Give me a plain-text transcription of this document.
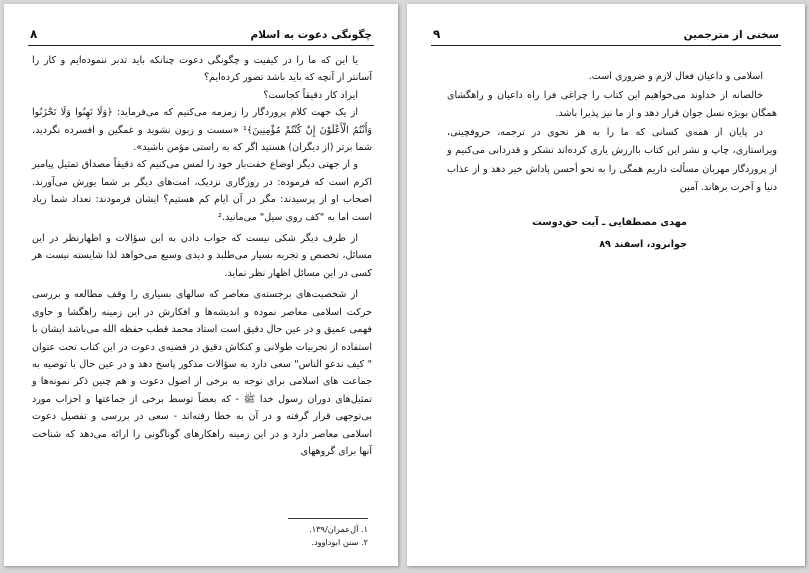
چگونگی دعوت به اسلام
۸

یا این که ما را در کیفیت و چگونگی دعوت چنانکه باید تدبر ننموده‌ایم و کار را آسانتر از آنچه که باید باشد تصور کرده‌ایم؟

ایراد کار دقیقاً کجاست؟

از یک جهت کلام پروردگار را زمزمه می‌کنیم که می‌فرماید: ﴿وَلَا تَهِنُوا وَلَا تَحْزَنُوا وَأَنْتُمُ الْأَعْلَوْنَ إِنْ كُنْتُمْ مُؤْمِنِينَ﴾¹ «سست و زبون نشوید و غمگین و افسرده نگردید، شما برتر (از دیگران) هستید اگر که به راستی مؤمن باشید».

و از جهتی دیگر اوضاع خفت‌بار خود را لمس می‌کنیم که دقیقاً مصداق تمثیل پیامبر اکرم است که فرموده: در روزگاری نزدیک، امت‌های دیگر بر شما یورش می‌آورند. اصحاب او از پرسیدند: مگر در آن ایام کم هستیم؟ ایشان فرمودند: تعداد شما زیاد است اما به "کف روی سیل" می‌مانید.²

از طرف دیگر شکی نیست که جواب دادن به این سؤالات و اظهارنظر در این مسائل، تخصص و تجربه بسیار می‌طلبد و دیدی وسیع می‌خواهد لذا شایسته نیست هر کسی در این مسائل اظهار نظر نماید.

از شخصیت‌های برجسته‌ی معاصر که سالهای بسیاری را وقف مطالعه و بررسی حرکت اسلامی معاصر نموده و اندیشه‌ها و افکارش در این زمینه راهگشا و حاوی فهمی عمیق و در عین حال دقیق است استاد محمد قطب حفظه الله می‌باشد ایشان با استفاده از تجربیات طولانی و کنکاش دقیق در قضیه‌ی دعوت در این کتاب تحت عنوان " کیف ندعو الناس" سعی دارد به سؤالات مذکور پاسخ دهد و در عین حال با توصیه به جماعت های اسلامی برای توجه به برخی از اصول دعوت و هم چنین ذکر نمونه‌ها و تمثیل‌های دوران رسول خدا ﷺ - که بعضاً توسط برخی از جماعتها و احزاب مورد بی‌توجهی قرار گرفته و در آن به خطا رفته‌اند - سعی در بررسی و تفصیل دعوت اسلامی معاصر دارد و در این زمینه راهکارهای گوناگونی را ارائه می‌دهد که شناخت آنها برای گروههای

۱. آل‌عمران/۱۳۹.
۲. سنن ابوداوود.
سخنی از مترجمین
۹

اسلامی و داعیان فعال لازم و ضروری است.

خالصانه از خداوند می‌خواهیم این کتاب را چراغی فرا راه داعیان و راهگشای همگان بویژه نسل جوان قرار دهد و از ما نیز پذیرا باشد.

در پایان از همه‌ی کسانی که ما را به هر نحوی در ترجمه، حروفچینی، ویراستاری، چاپ و نشر این کتاب باارزش یاری کرده‌اند تشکر و قدردانی می‌کنیم و از پروردگار مهربان مسألت داریم همگی را به نحو أحسن پاداش خیر دهد و از عذاب دنیا و آخرت برهاند. آمین

مهدی مصطفایی ـ آیت حق‌دوست
جوانرود، اسفند ۸۹
